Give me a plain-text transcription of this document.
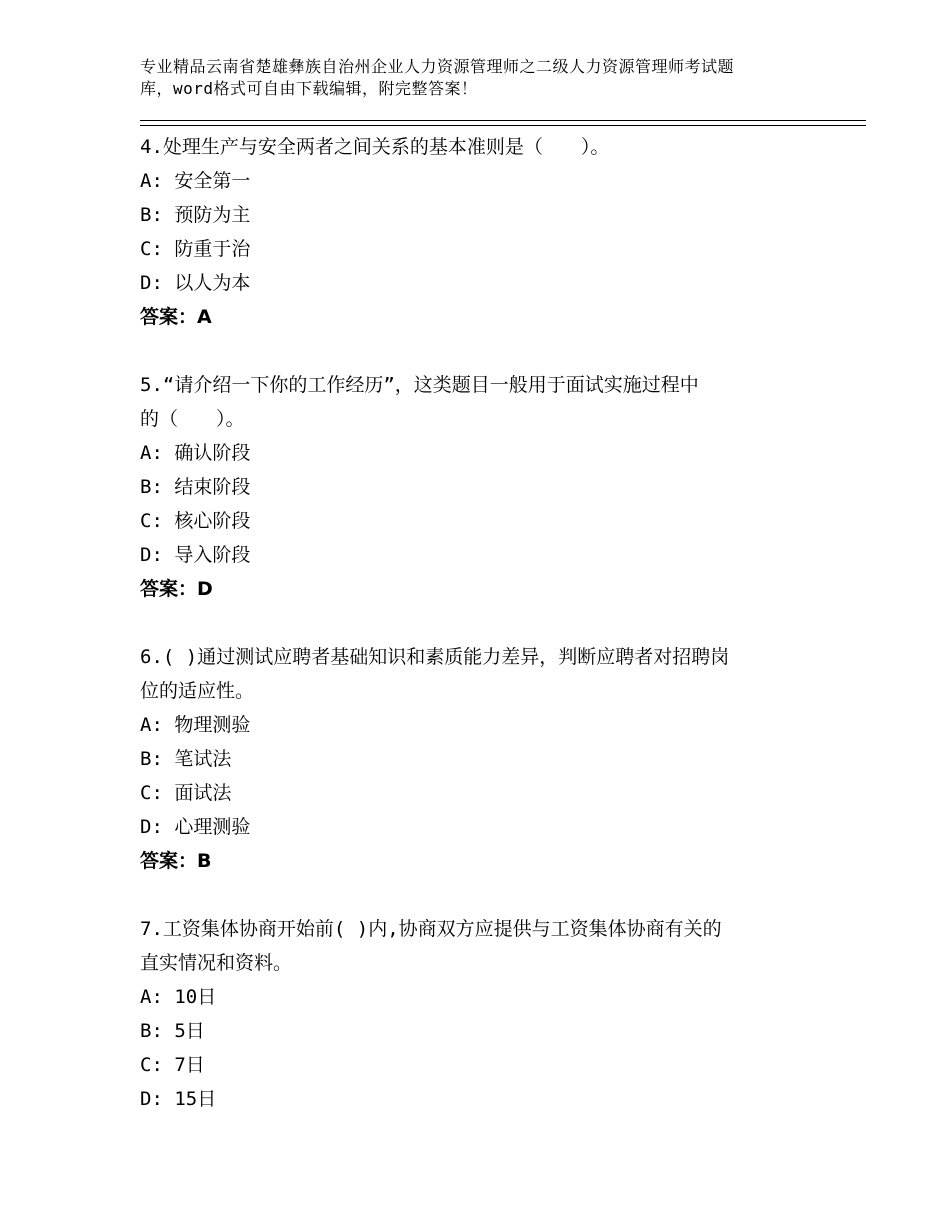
专业精品云南省楚雄彝族自治州企业人力资源管理师之二级人力资源管理师考试题
库，word格式可自由下载编辑，附完整答案！
4.处理生产与安全两者之间关系的基本准则是（　　）。
A: 安全第一
B: 预防为主
C: 防重于治
D: 以人为本
答案：A
5.“请介绍一下你的工作经历”，这类题目一般用于面试实施过程中
的（　　）。
A: 确认阶段
B: 结束阶段
C: 核心阶段
D: 导入阶段
答案：D
6.( )通过测试应聘者基础知识和素质能力差异，判断应聘者对招聘岗
位的适应性。
A: 物理测验
B: 笔试法
C: 面试法
D: 心理测验
答案：B
7.工资集体协商开始前( )内,协商双方应提供与工资集体协商有关的
直实情况和资料。
A: 10日
B: 5日
C: 7日
D: 15日
